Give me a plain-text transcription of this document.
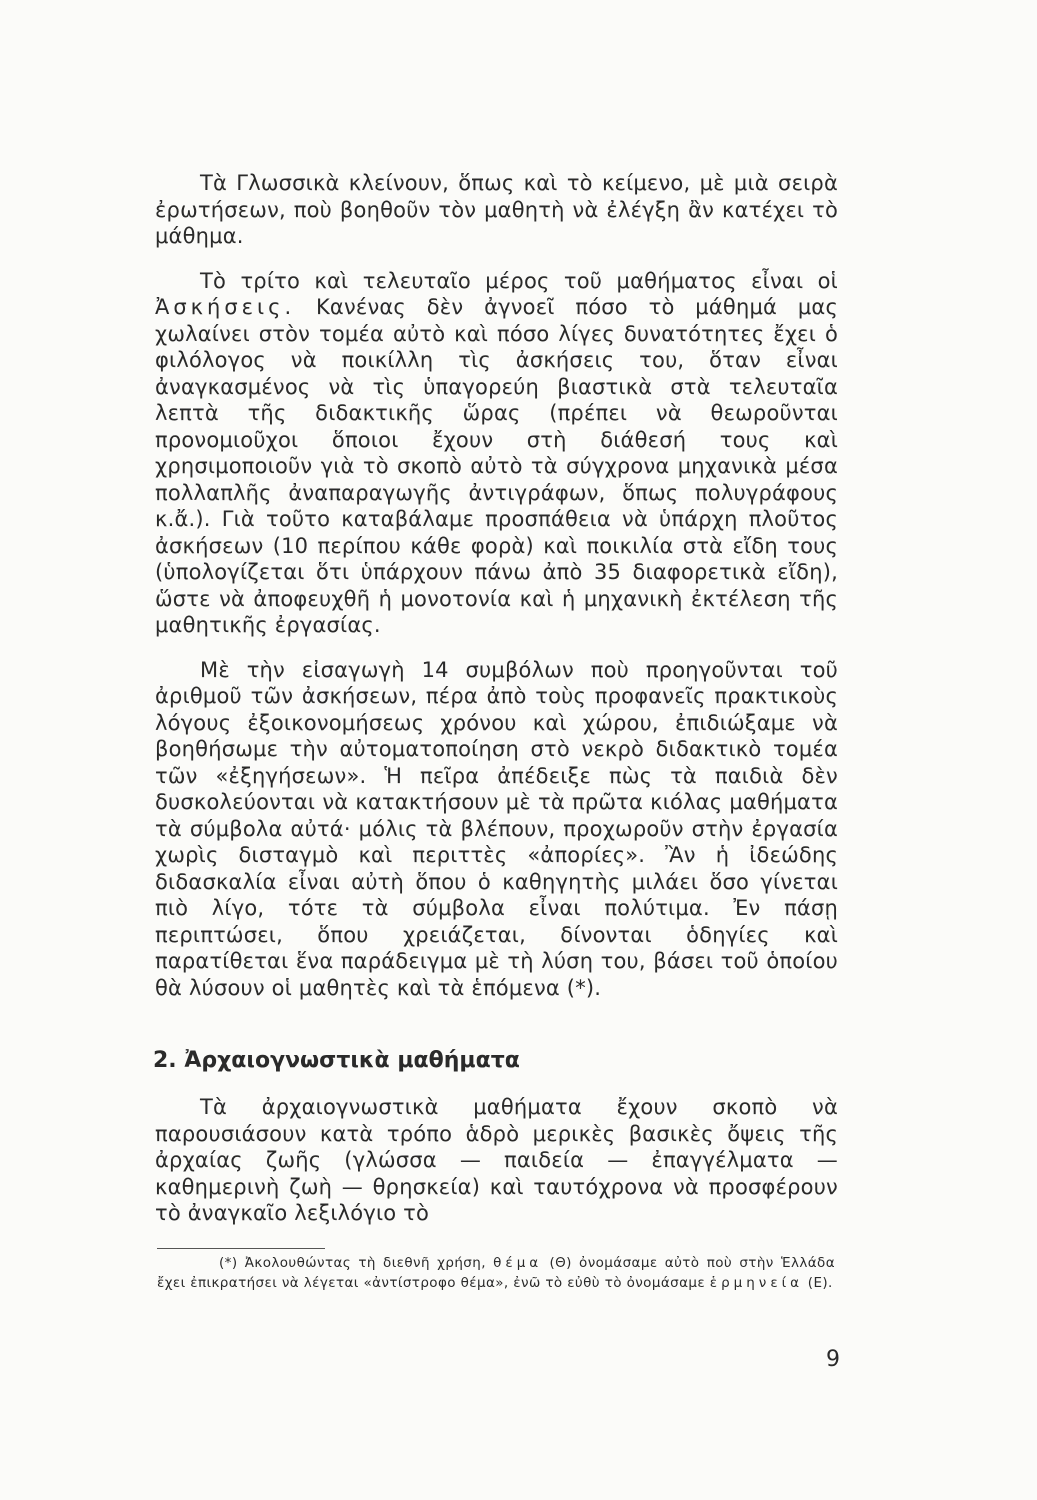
Τὰ Γλωσσικὰ κλείνουν, ὅπως καὶ τὸ κείμενο, μὲ μιὰ σειρὰ ἐρωτήσεων, ποὺ βοηθοῦν τὸν μαθητὴ νὰ ἐλέγξη ἂν κατέχει τὸ μάθημα.

Τὸ τρίτο καὶ τελευταῖο μέρος τοῦ μαθήματος εἶναι οἱ Ἀσκήσεις. Κανένας δὲν ἀγνοεῖ πόσο τὸ μάθημά μας χωλαίνει στὸν τομέα αὐτὸ καὶ πόσο λίγες δυνατότητες ἔχει ὁ φιλόλογος νὰ ποικίλλη τὶς ἀσκήσεις του, ὅταν εἶναι ἀναγκασμένος νὰ τὶς ὑπαγορεύη βιαστικὰ στὰ τελευταῖα λεπτὰ τῆς διδακτικῆς ὥρας (πρέπει νὰ θεωροῦνται προνομιοῦχοι ὅποιοι ἔχουν στὴ διάθεσή τους καὶ χρησιμοποιοῦν γιὰ τὸ σκοπὸ αὐτὸ τὰ σύγχρονα μηχανικὰ μέσα πολλαπλῆς ἀναπαραγωγῆς ἀντιγράφων, ὅπως πολυγράφους κ.ἄ.). Γιὰ τοῦτο καταβάλαμε προσπάθεια νὰ ὑπάρχη πλοῦτος ἀσκήσεων (10 περίπου κάθε φορὰ) καὶ ποικιλία στὰ εἴδη τους (ὑπολογίζεται ὅτι ὑπάρχουν πάνω ἀπὸ 35 διαφορετικὰ εἴδη), ὥστε νὰ ἀποφευχθῆ ἡ μονοτονία καὶ ἡ μηχανικὴ ἐκτέλεση τῆς μαθητικῆς ἐργασίας.

Μὲ τὴν εἰσαγωγὴ 14 συμβόλων ποὺ προηγοῦνται τοῦ ἀριθμοῦ τῶν ἀσκήσεων, πέρα ἀπὸ τοὺς προφανεῖς πρακτικοὺς λόγους ἐξοικονομήσεως χρόνου καὶ χώρου, ἐπιδιώξαμε νὰ βοηθήσωμε τὴν αὐτοματοποίηση στὸ νεκρὸ διδακτικὸ τομέα τῶν «ἐξηγήσεων». Ἡ πεῖρα ἀπέδειξε πὼς τὰ παιδιὰ δὲν δυσκολεύονται νὰ κατακτήσουν μὲ τὰ πρῶτα κιόλας μαθήματα τὰ σύμβολα αὐτά· μόλις τὰ βλέπουν, προχωροῦν στὴν ἐργασία χωρὶς δισταγμὸ καὶ περιττὲς «ἀπορίες». Ἂν ἡ ἰδεώδης διδασκαλία εἶναι αὐτὴ ὅπου ὁ καθηγητὴς μιλάει ὅσο γίνεται πιὸ λίγο, τότε τὰ σύμβολα εἶναι πολύτιμα. Ἐν πάσῃ περιπτώσει, ὅπου χρειάζεται, δίνονται ὁδηγίες καὶ παρατίθεται ἕνα παράδειγμα μὲ τὴ λύση του, βάσει τοῦ ὁποίου θὰ λύσουν οἱ μαθητὲς καὶ τὰ ἑπόμενα (*).

2. Ἀρχαιογνωστικὰ μαθήματα

Τὰ ἀρχαιογνωστικὰ μαθήματα ἔχουν σκοπὸ νὰ παρουσιάσουν κατὰ τρόπο ἁδρὸ μερικὲς βασικὲς ὄψεις τῆς ἀρχαίας ζωῆς (γλώσσα — παιδεία — ἐπαγγέλματα — καθημερινὴ ζωὴ — θρησκεία) καὶ ταυτόχρονα νὰ προσφέρουν τὸ ἀναγκαῖο λεξιλόγιο τὸ

(*) Ἀκολουθώντας τὴ διεθνῆ χρήση, θέμα (Θ) ὀνομάσαμε αὐτὸ ποὺ στὴν Ἑλλάδα ἔχει ἐπικρατήσει νὰ λέγεται «ἀντίστροφο θέμα», ἐνῶ τὸ εὐθὺ τὸ ὀνομάσαμε ἑρμηνεία (Ε).

9
